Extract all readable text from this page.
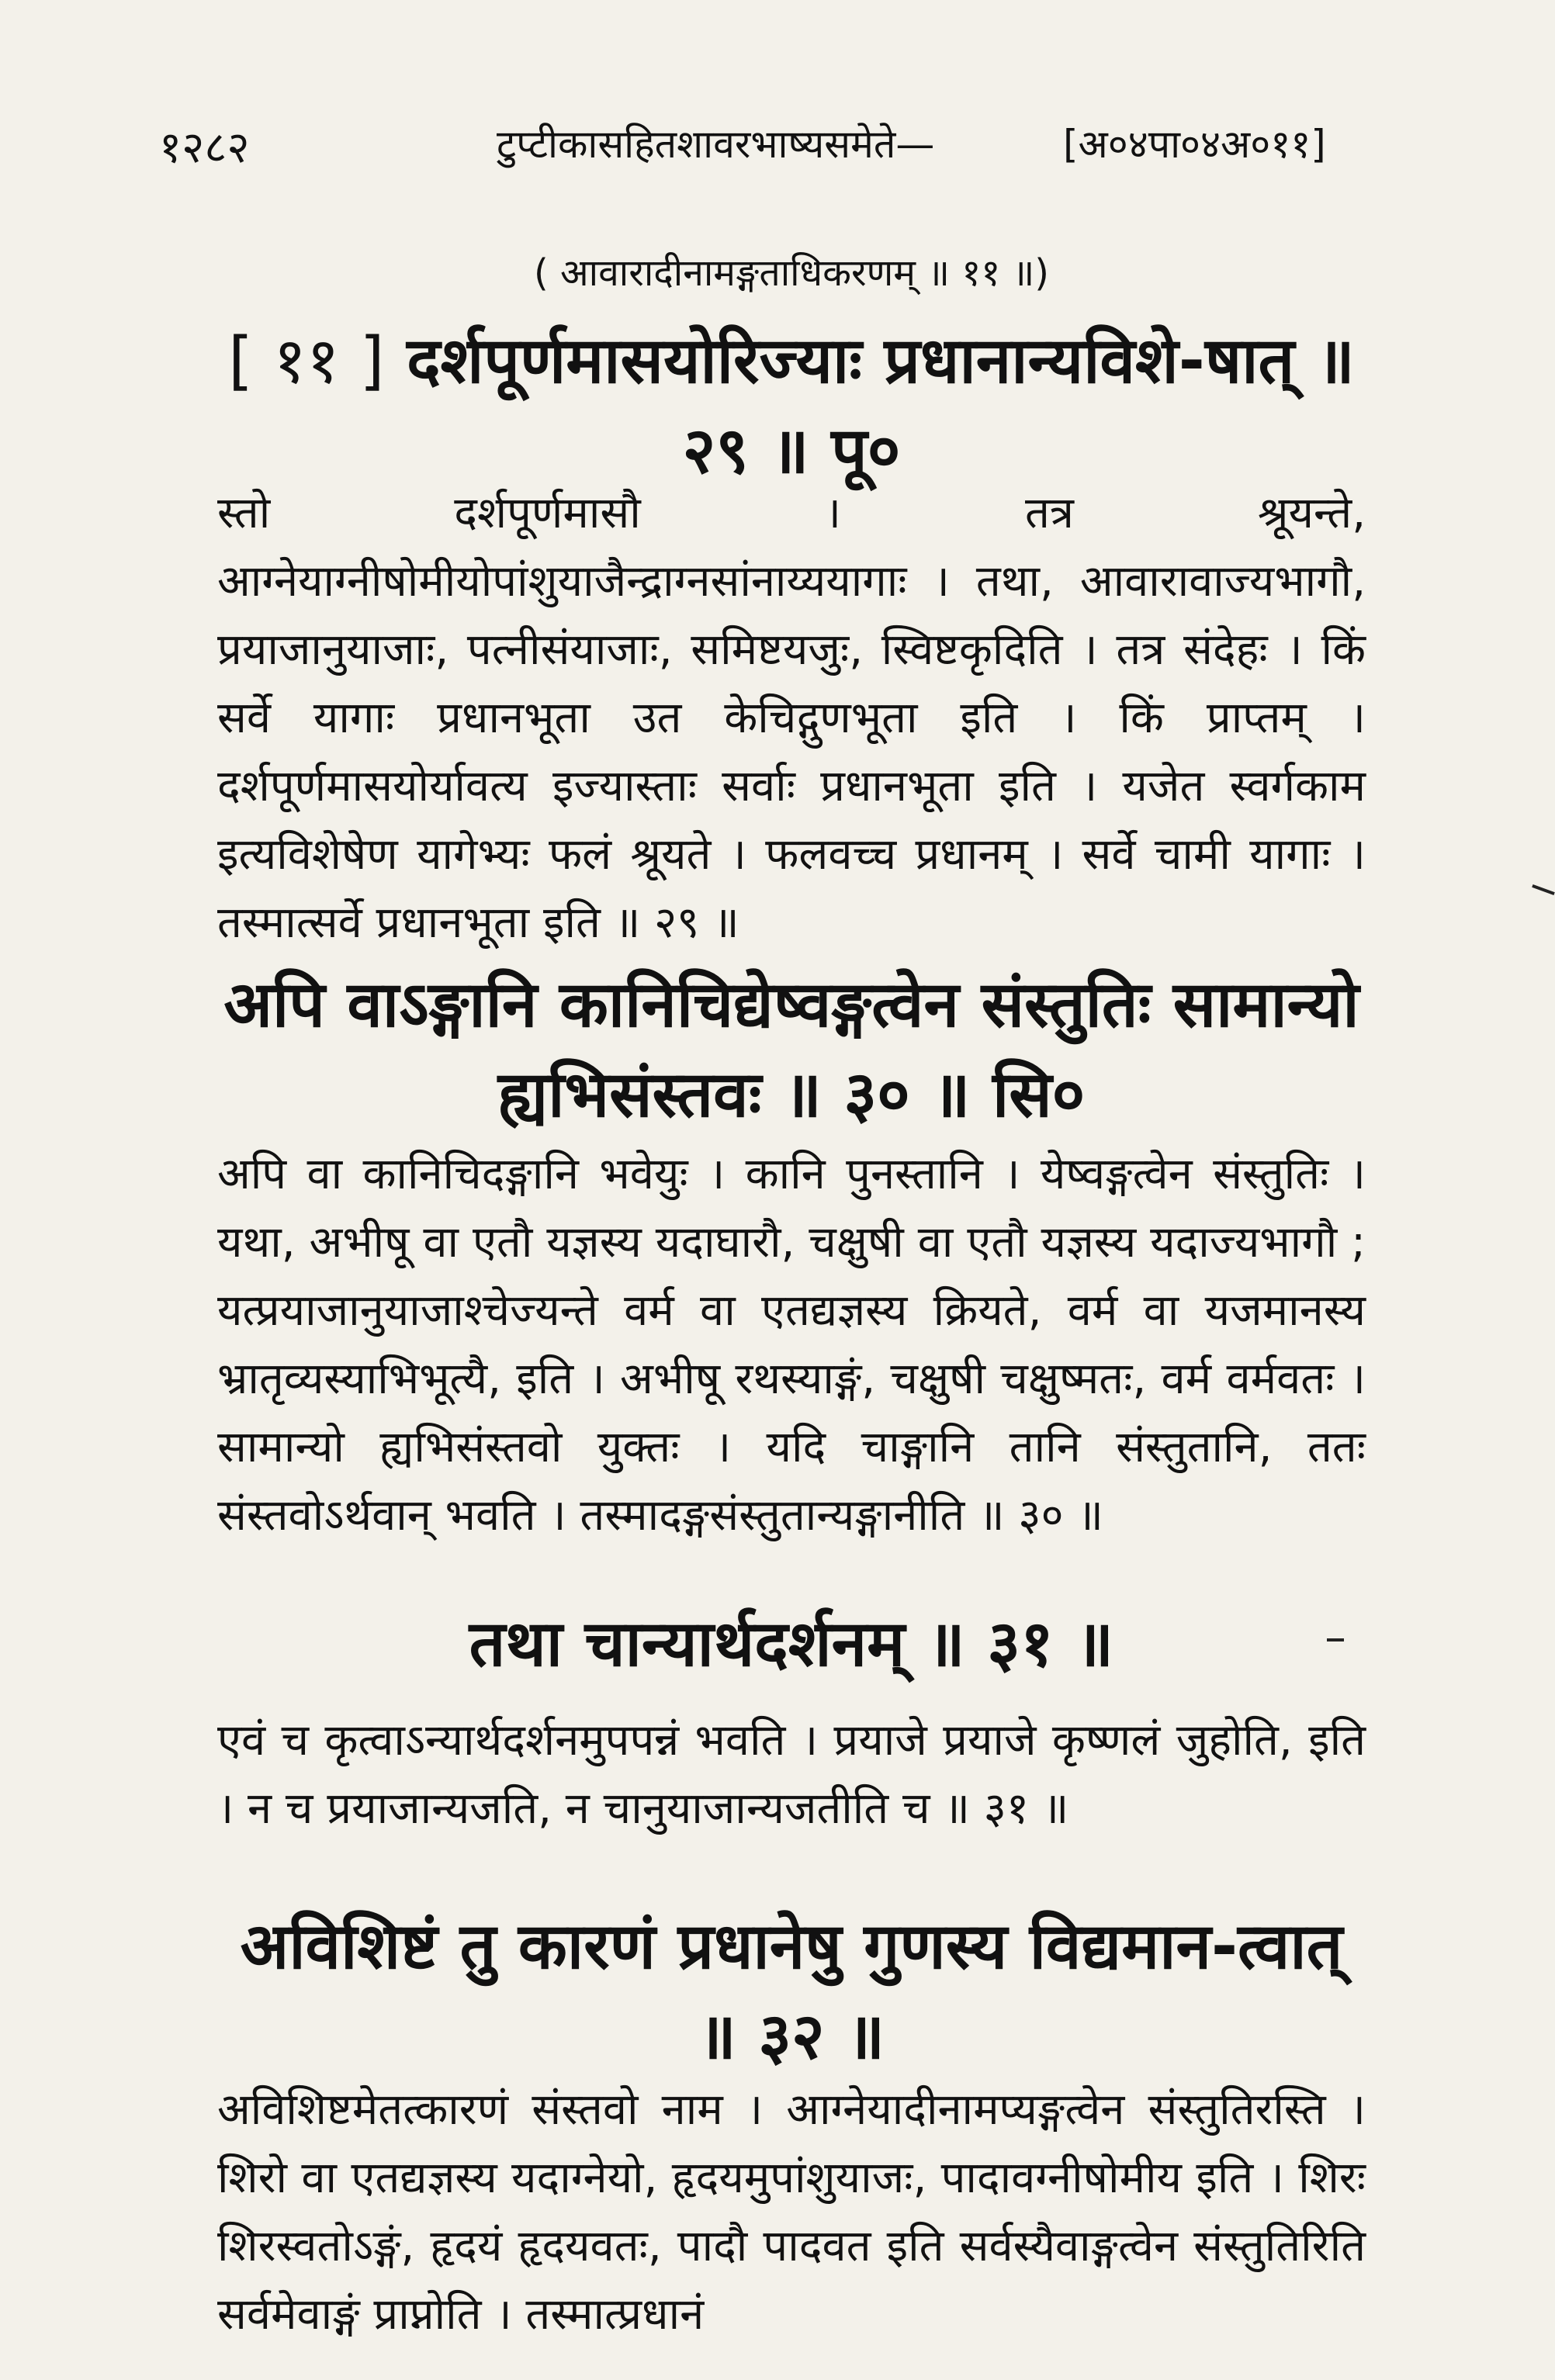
१२८२	टुप्टीकासहितशावरभाष्यसमेते—	[अ०४पा०४अ०११]
( आवारादीनामङ्गताधिकरणम् ॥ ११ ॥)
[ ११ ] दर्शपूर्णमासयोरिज्याः प्रधानान्यविशे-षात् ॥ २९ ॥ पू०
स्तो दर्शपूर्णमासौ । तत्र श्रूयन्ते, आग्नेयाग्नीषोमीयोपांशुयाजैन्द्राग्नसांनाय्ययागाः । तथा, आवारावाज्यभागौ, प्रयाजानुयाजाः, पत्नीसंयाजाः, समिष्टयजुः, स्विष्टकृदिति । तत्र संदेहः । किं सर्वे यागाः प्रधानभूता उत केचिद्गुणभूता इति । किं प्राप्तम् । दर्शपूर्णमासयोर्यावत्य इज्यास्ताः सर्वाः प्रधानभूता इति । यजेत स्वर्गकाम इत्यविशेषेण यागेभ्यः फलं श्रूयते । फलवच्च प्रधानम् । सर्वे चामी यागाः । तस्मात्सर्वे प्रधानभूता इति ॥ २९ ॥
अपि वाऽङ्गानि कानिचिद्येष्वङ्गत्वेन संस्तुतिः सामान्यो ह्यभिसंस्तवः ॥ ३० ॥ सि०
अपि वा कानिचिदङ्गानि भवेयुः । कानि पुनस्तानि । येष्वङ्गत्वेन संस्तुतिः । यथा, अभीषू वा एतौ यज्ञस्य यदाघारौ, चक्षुषी वा एतौ यज्ञस्य यदाज्यभागौ ; यत्प्रयाजानुयाजाश्चेज्यन्ते वर्म वा एतद्यज्ञस्य क्रियते, वर्म वा यजमानस्य भ्रातृव्यस्याभिभूत्यै, इति । अभीषू रथस्याङ्गं, चक्षुषी चक्षुष्मतः, वर्म वर्मवतः । सामान्यो ह्यभिसंस्तवो युक्तः । यदि चाङ्गानि तानि संस्तुतानि, ततः संस्तवोऽर्थवान् भवति । तस्मादङ्गसंस्तुतान्यङ्गानीति ॥ ३० ॥
तथा चान्यार्थदर्शनम् ॥ ३१ ॥
एवं च कृत्वाऽन्यार्थदर्शनमुपपन्नं भवति । प्रयाजे प्रयाजे कृष्णलं जुहोति, इति । न च प्रयाजान्यजति, न चानुयाजान्यजतीति च ॥ ३१ ॥
अविशिष्टं तु कारणं प्रधानेषु गुणस्य विद्यमान-त्वात् ॥ ३२ ॥
अविशिष्टमेतत्कारणं संस्तवो नाम । आग्नेयादीनामप्यङ्गत्वेन संस्तुतिरस्ति । शिरो वा एतद्यज्ञस्य यदाग्नेयो, हृदयमुपांशुयाजः, पादावग्नीषोमीय इति । शिरः शिरस्वतोऽङ्गं, हृदयं हृदयवतः, पादौ पादवत इति सर्वस्यैवाङ्गत्वेन संस्तुतिरिति सर्वमेवाङ्गं प्राप्नोति । तस्मात्प्रधानं
